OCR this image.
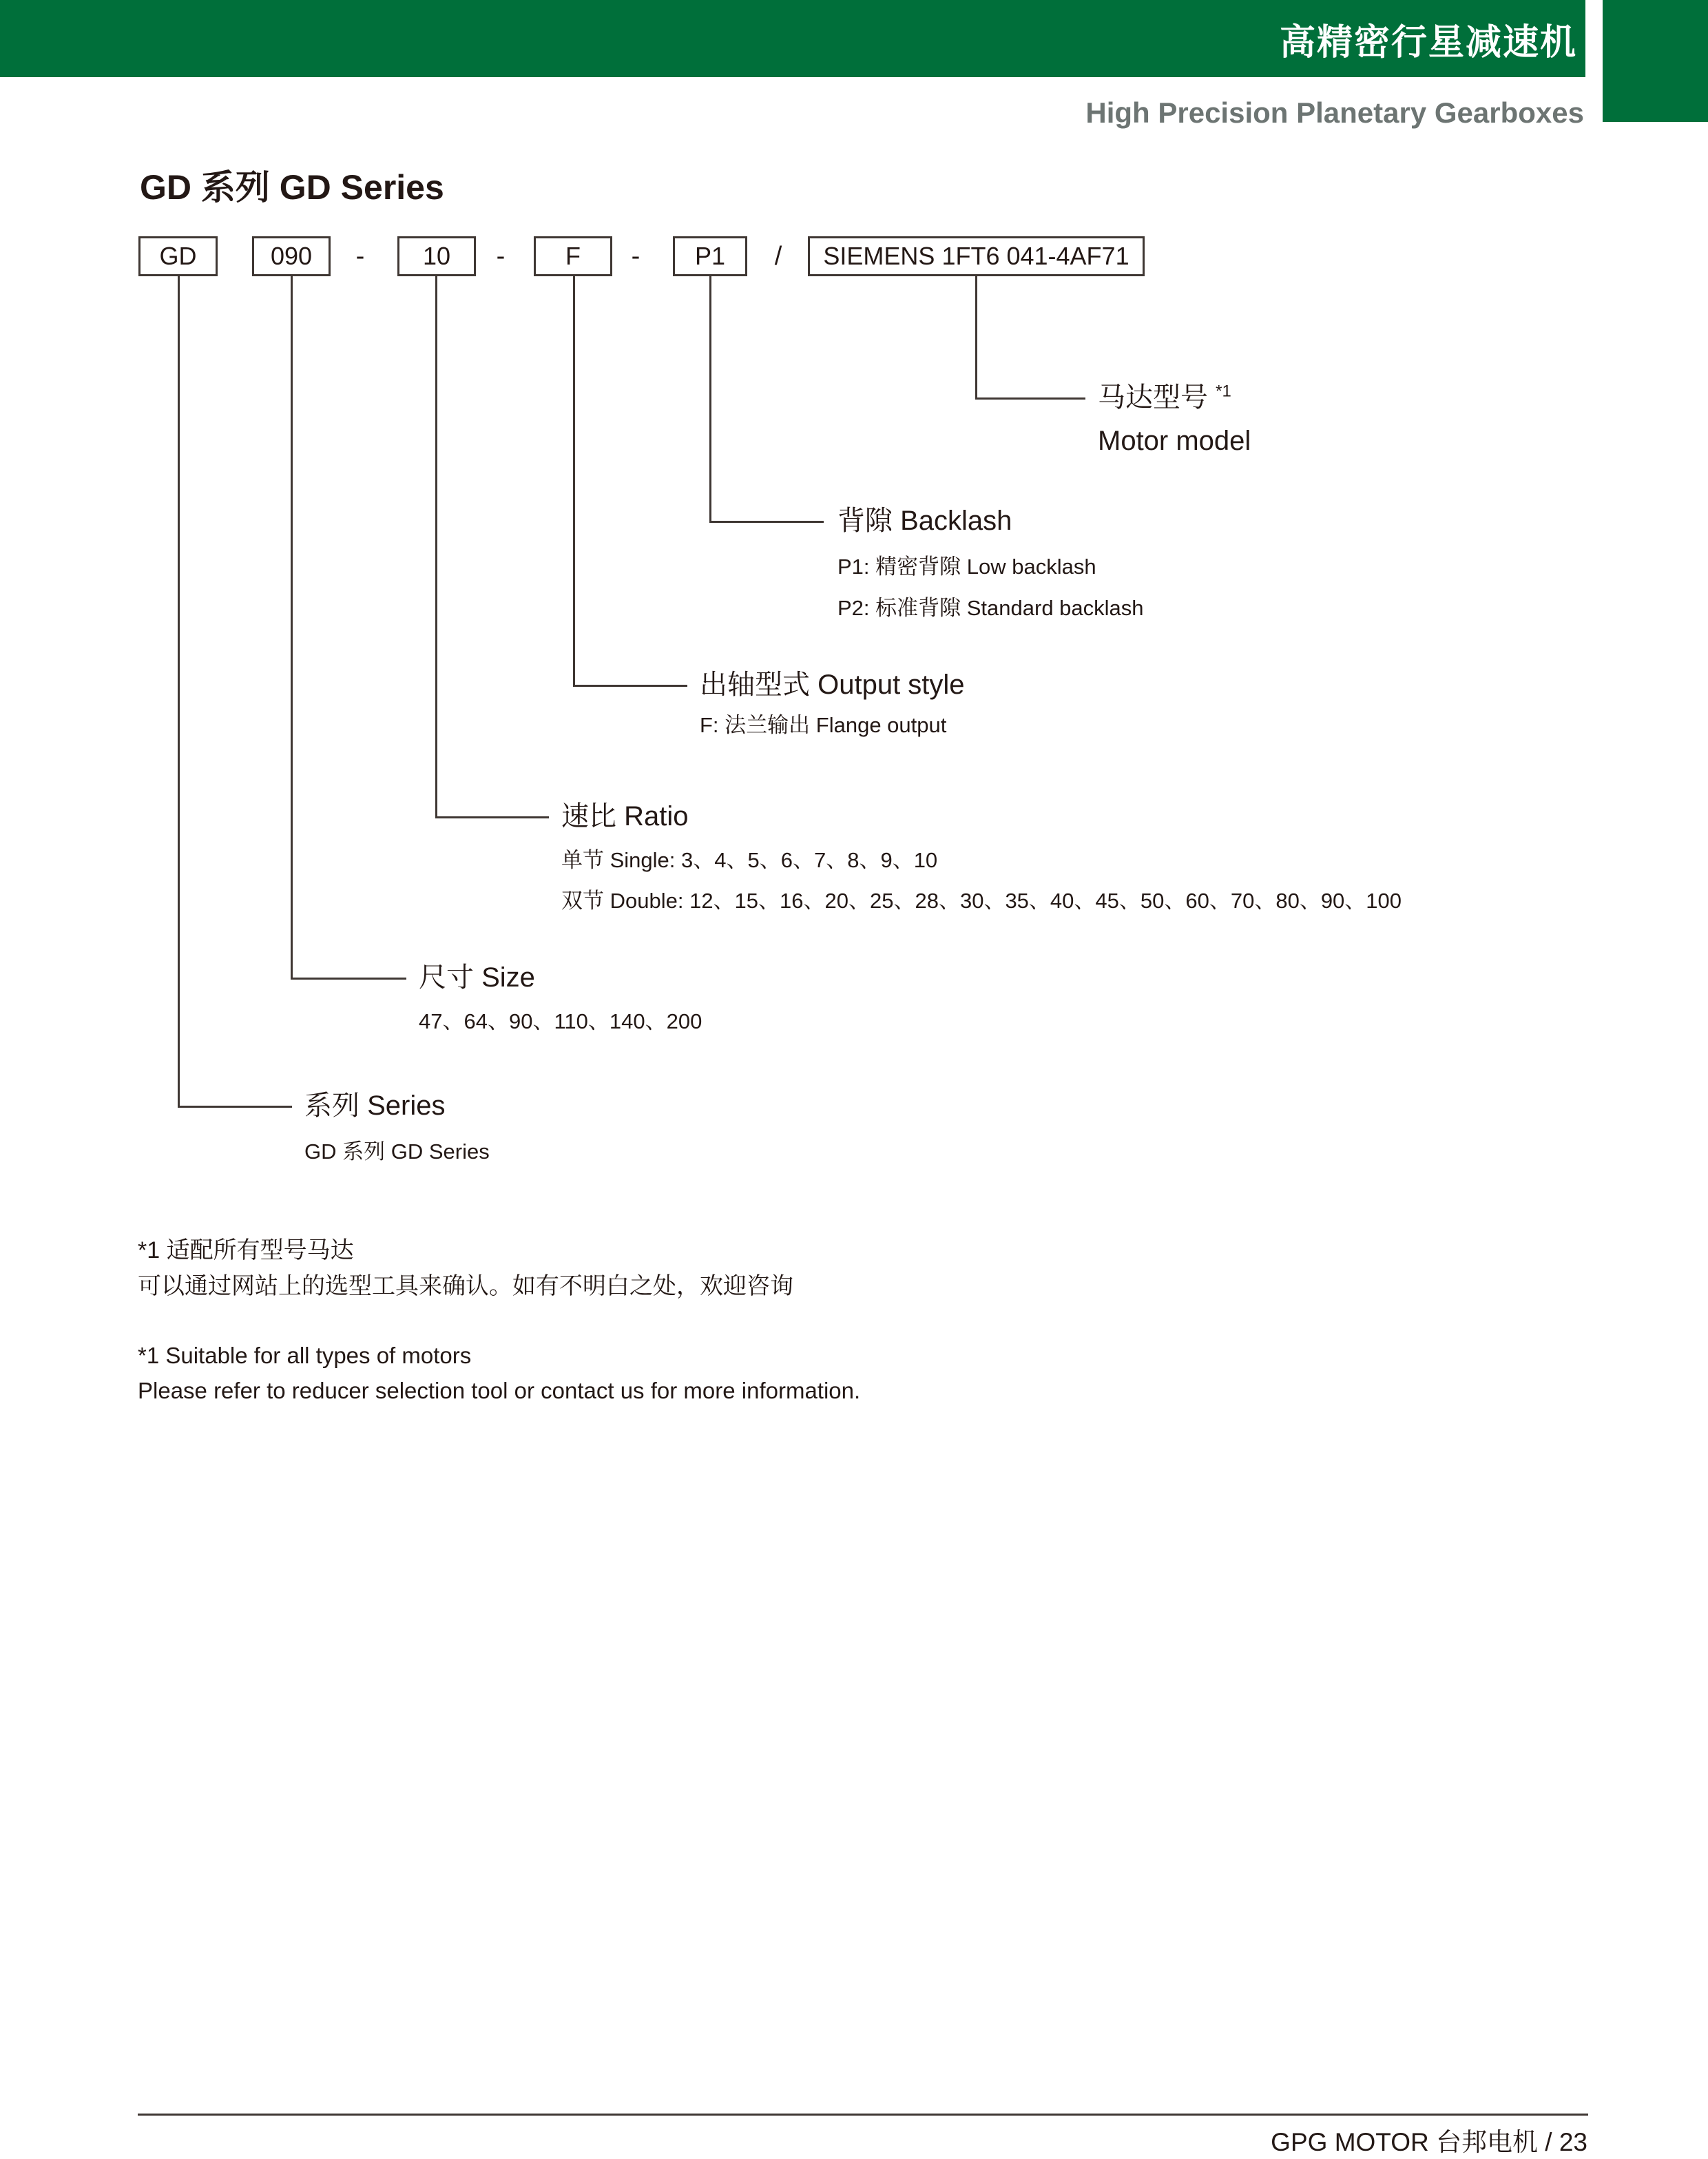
高精密行星减速机
High Precision Planetary Gearboxes
GD 系列 GD Series
GD	090	-	10	-	F	-	P1	/	SIEMENS 1FT6 041-4AF71
马达型号 $^{*1}$
Motor model
背隙 Backlash
P1: 精密背隙 Low backlash
P2: 标准背隙 Standard backlash
出轴型式 Output style
F: 法兰输出 Flange output
速比 Ratio
单节 Single: 3、4、5、6、7、8、9、10
双节 Double: 12、15、16、20、25、28、30、35、40、45、50、60、70、80、90、100
尺寸 Size
47、64、90、110、140、200
系列 Series
GD 系列 GD Series
*1 适配所有型号马达
可以通过网站上的选型工具来确认。如有不明白之处，欢迎咨询
*1 Suitable for all types of motors
Please refer to reducer selection tool or contact us for more information.
GPG MOTOR 台邦电机 / 23
